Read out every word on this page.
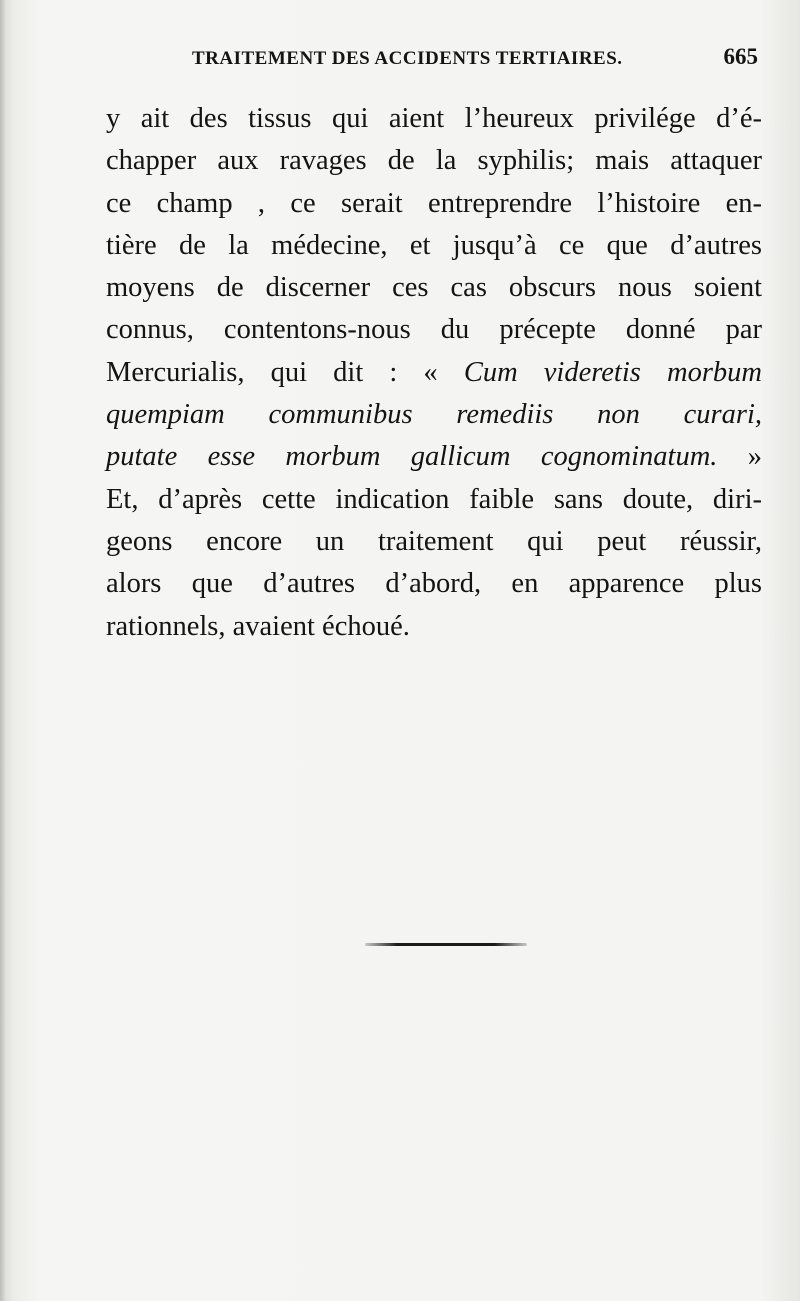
TRAITEMENT DES ACCIDENTS TERTIAIRES.	665
y ait des tissus qui aient l’heureux privilége d’é-
chapper aux ravages de la syphilis; mais attaquer
ce champ , ce serait entreprendre l’histoire en-
tière de la médecine, et jusqu’à ce que d’autres
moyens de discerner ces cas obscurs nous soient
connus, contentons-nous du précepte donné par
Mercurialis, qui dit : « Cum videretis morbum
quempiam communibus remediis non curari,
putate esse morbum gallicum cognominatum. »
Et, d’après cette indication faible sans doute, diri-
geons encore un traitement qui peut réussir,
alors que d’autres d’abord, en apparence plus
rationnels, avaient échoué.
